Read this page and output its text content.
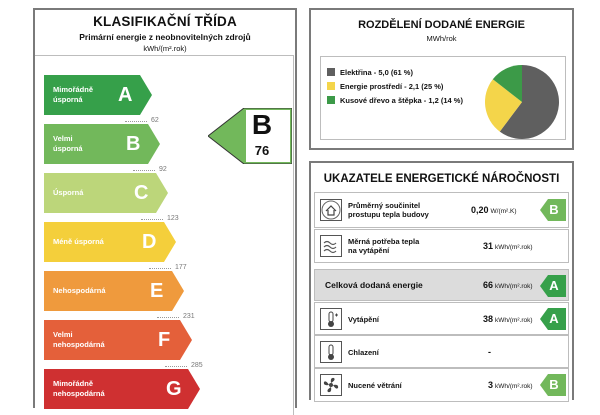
KLASIFIKAČNÍ TŘÍDA
Primární energie z neobnovitelných zdrojů
kWh/(m².rok)
Mimořádně
úsporná	A
Velmi
úsporná B
Úsporná	C
Méně úsporná D
Nehospodárná E
Velmi
nehospodárná	F
Mimořádně
nehospodárná	G
62
92
123
177
231
285
B
76
ROZDĚLENÍ DODANÉ ENERGIE
MWh/rok
Elektřina - 5,0 (61 %)
Energie prostředí - 2,1 (25 %)
Kusové dřevo a štěpka - 1,2 (14 %)
UKAZATELE ENERGETICKÉ NÁROČNOSTI
Průměrný součinitel
prostupu tepla budovy	0,20 W/(m².K)	B
Měrná potřeba tepla
na vytápění	31 kWh/(m².rok)
Celková dodaná energie	66 kWh/(m².rok)	A
Vytápění	38 kWh/(m².rok)	A
Chlazení	-
Nucené větrání	3 kWh/(m².rok)	B
